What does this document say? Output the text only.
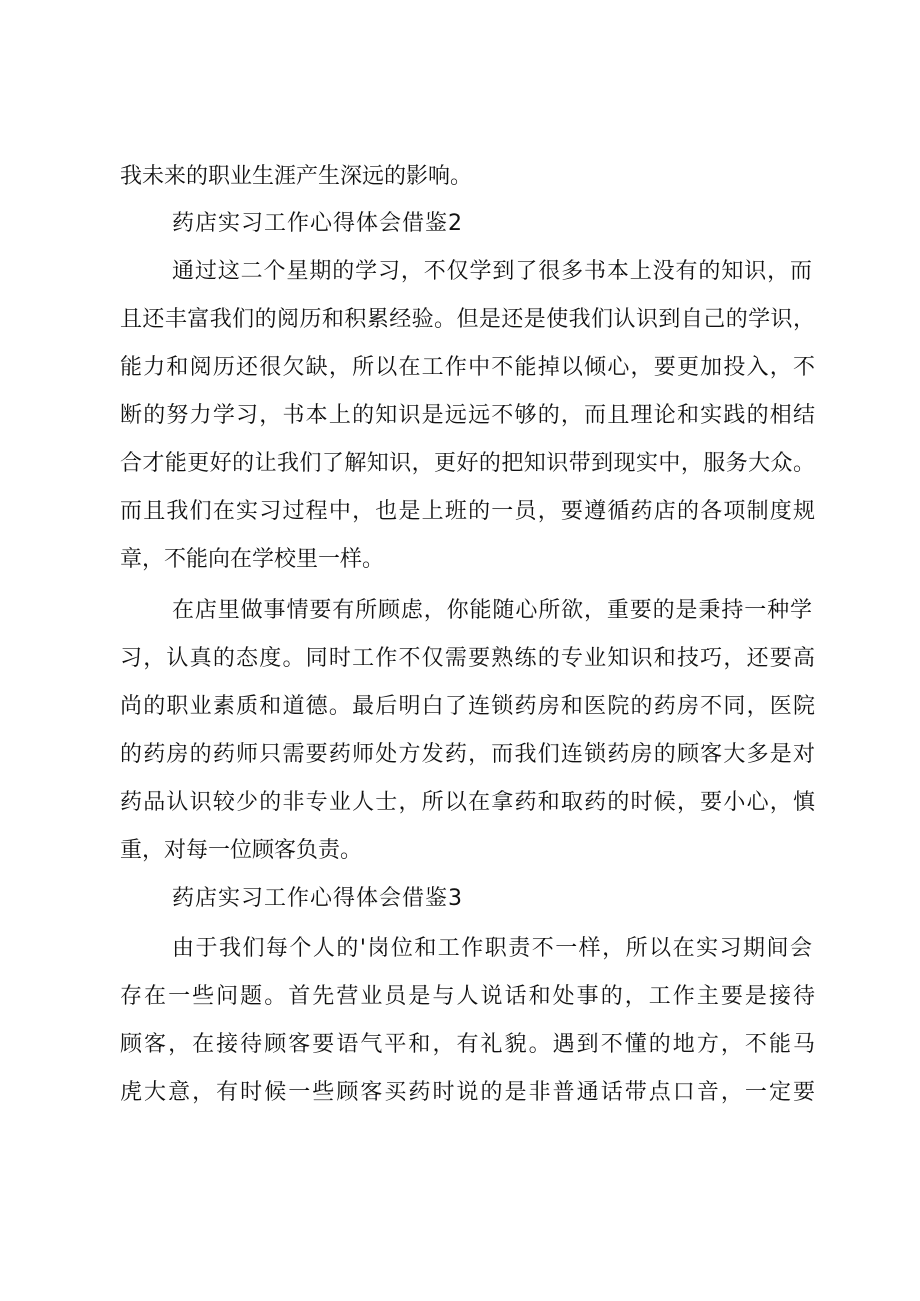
我未来的职业生涯产生深远的影响。
药店实习工作心得体会借鉴2
通过这二个星期的学习，不仅学到了很多书本上没有的知识，而
且还丰富我们的阅历和积累经验。但是还是使我们认识到自己的学识，
能力和阅历还很欠缺，所以在工作中不能掉以倾心，要更加投入，不
断的努力学习，书本上的知识是远远不够的，而且理论和实践的相结
合才能更好的让我们了解知识，更好的把知识带到现实中，服务大众。
而且我们在实习过程中，也是上班的一员，要遵循药店的各项制度规
章，不能向在学校里一样。
在店里做事情要有所顾虑，你能随心所欲，重要的是秉持一种学
习，认真的态度。同时工作不仅需要熟练的专业知识和技巧，还要高
尚的职业素质和道德。最后明白了连锁药房和医院的药房不同，医院
的药房的药师只需要药师处方发药，而我们连锁药房的顾客大多是对
药品认识较少的非专业人士，所以在拿药和取药的时候，要小心，慎
重，对每一位顾客负责。
药店实习工作心得体会借鉴3
由于我们每个人的'岗位和工作职责不一样，所以在实习期间会
存在一些问题。首先营业员是与人说话和处事的，工作主要是接待
顾客，在接待顾客要语气平和，有礼貌。遇到不懂的地方，不能马
虎大意，有时候一些顾客买药时说的是非普通话带点口音，一定要
